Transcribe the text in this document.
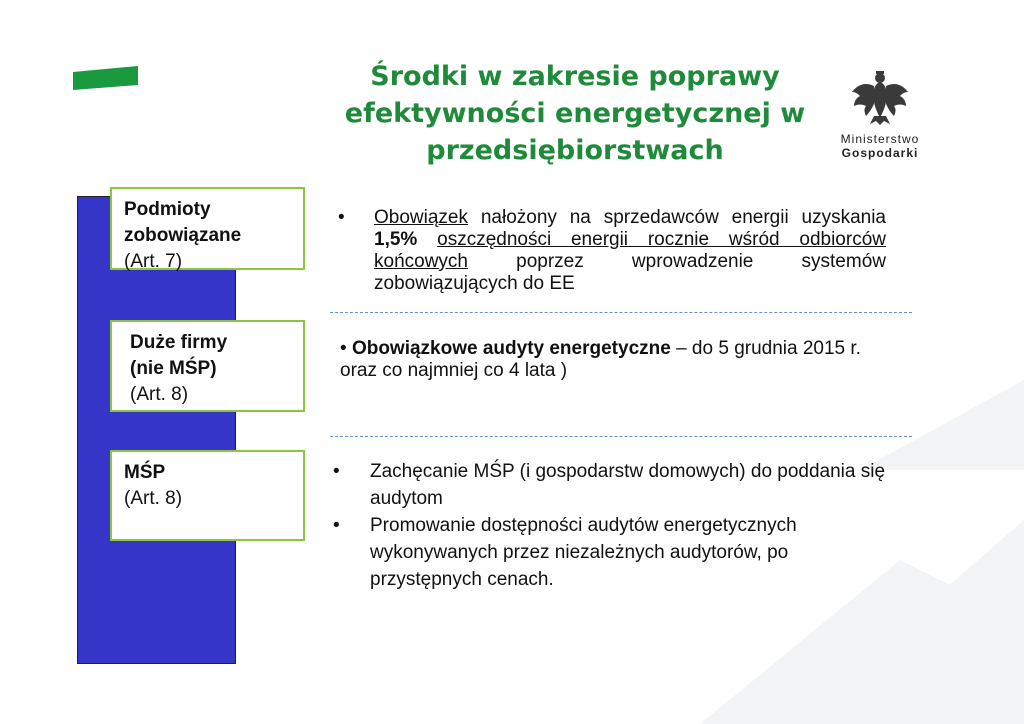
Środki w zakresie poprawy
efektywności energetycznej w
przedsiębiorstwach	Ministerstwo
Gospodarki
Podmioty
zobowiązane
(Art. 7)
Duże firmy
(nie MŚP)
(Art. 8)
MŚP
(Art. 8)
• Obowiązek nałożony na sprzedawców energii uzyskania 1,5% oszczędności energii rocznie wśród odbiorców końcowych poprzez wprowadzenie systemów zobowiązujących do EE
• Obowiązkowe audyty energetyczne – do 5 grudnia 2015 r. oraz co najmniej co 4 lata )
• Zachęcanie MŚP (i gospodarstw domowych) do poddania się audytom
• Promowanie dostępności audytów energetycznych wykonywanych przez niezależnych audytorów, po przystępnych cenach.
